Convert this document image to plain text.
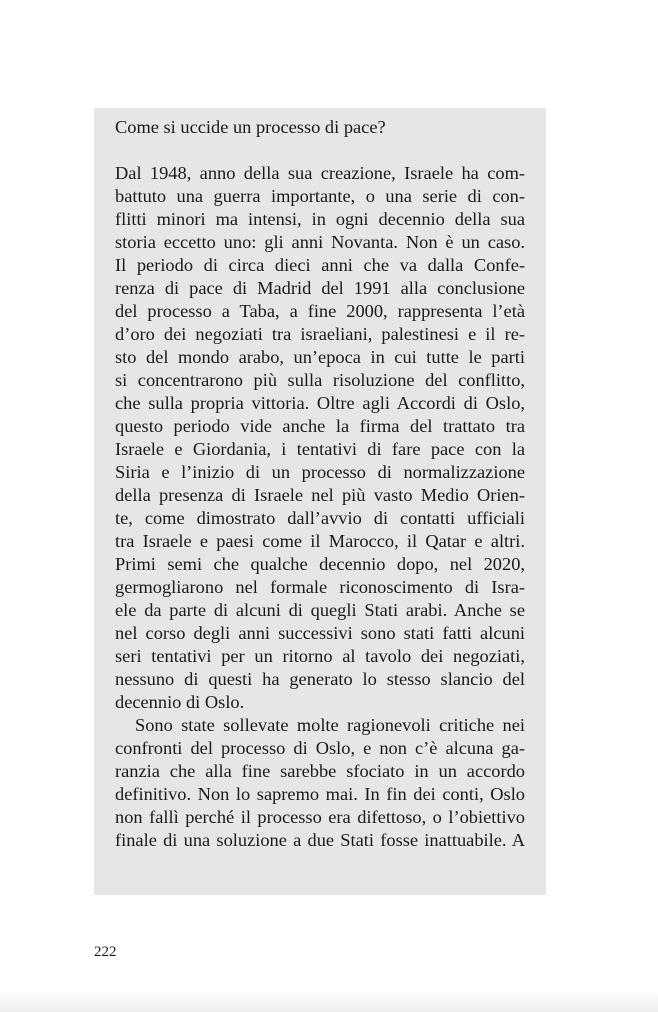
Come si uccide un processo di pace?

Dal 1948, anno della sua creazione, Israele ha com-
battuto una guerra importante, o una serie di con-
flitti minori ma intensi, in ogni decennio della sua
storia eccetto uno: gli anni Novanta. Non è un caso.
Il periodo di circa dieci anni che va dalla Confe-
renza di pace di Madrid del 1991 alla conclusione
del processo a Taba, a fine 2000, rappresenta l’età
d’oro dei negoziati tra israeliani, palestinesi e il re-
sto del mondo arabo, un’epoca in cui tutte le parti
si concentrarono più sulla risoluzione del conflitto,
che sulla propria vittoria. Oltre agli Accordi di Oslo,
questo periodo vide anche la firma del trattato tra
Israele e Giordania, i tentativi di fare pace con la
Siria e l’inizio di un processo di normalizzazione
della presenza di Israele nel più vasto Medio Orien-
te, come dimostrato dall’avvio di contatti ufficiali
tra Israele e paesi come il Marocco, il Qatar e altri.
Primi semi che qualche decennio dopo, nel 2020,
germogliarono nel formale riconoscimento di Isra-
ele da parte di alcuni di quegli Stati arabi. Anche se
nel corso degli anni successivi sono stati fatti alcuni
seri tentativi per un ritorno al tavolo dei negoziati,
nessuno di questi ha generato lo stesso slancio del
decennio di Oslo.
Sono state sollevate molte ragionevoli critiche nei
confronti del processo di Oslo, e non c’è alcuna ga-
ranzia che alla fine sarebbe sfociato in un accordo
definitivo. Non lo sapremo mai. In fin dei conti, Oslo
non fallì perché il processo era difettoso, o l’obiettivo
finale di una soluzione a due Stati fosse inattuabile. A
222
